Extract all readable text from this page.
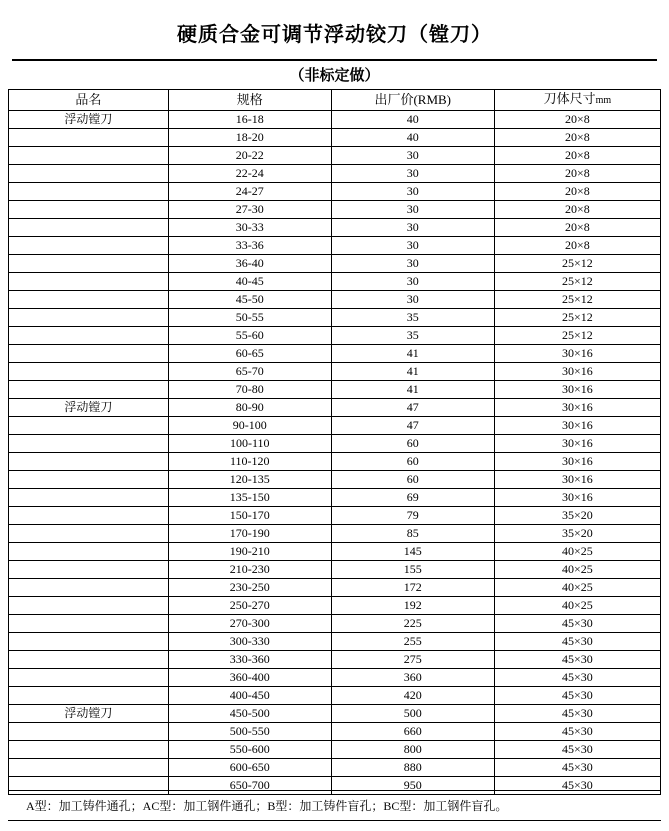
硬质合金可调节浮动铰刀（镗刀）
（非标定做）
品名	规格	出厂价(RMB)	刀体尺寸mm
浮动镗刀	16-18	40	20×8
	18-20	40	20×8
	20-22	30	20×8
	22-24	30	20×8
	24-27	30	20×8
	27-30	30	20×8
	30-33	30	20×8
	33-36	30	20×8
	36-40	30	25×12
	40-45	30	25×12
	45-50	30	25×12
	50-55	35	25×12
	55-60	35	25×12
	60-65	41	30×16
	65-70	41	30×16
	70-80	41	30×16
浮动镗刀	80-90	47	30×16
	90-100	47	30×16
	100-110	60	30×16
	110-120	60	30×16
	120-135	60	30×16
	135-150	69	30×16
	150-170	79	35×20
	170-190	85	35×20
	190-210	145	40×25
	210-230	155	40×25
	230-250	172	40×25
	250-270	192	40×25
	270-300	225	45×30
	300-330	255	45×30
	330-360	275	45×30
	360-400	360	45×30
	400-450	420	45×30
浮动镗刀	450-500	500	45×30
	500-550	660	45×30
	550-600	800	45×30
	600-650	880	45×30
	650-700	950	45×30
A型：加工铸件通孔；AC型：加工钢件通孔；B型：加工铸件盲孔；BC型：加工钢件盲孔。
